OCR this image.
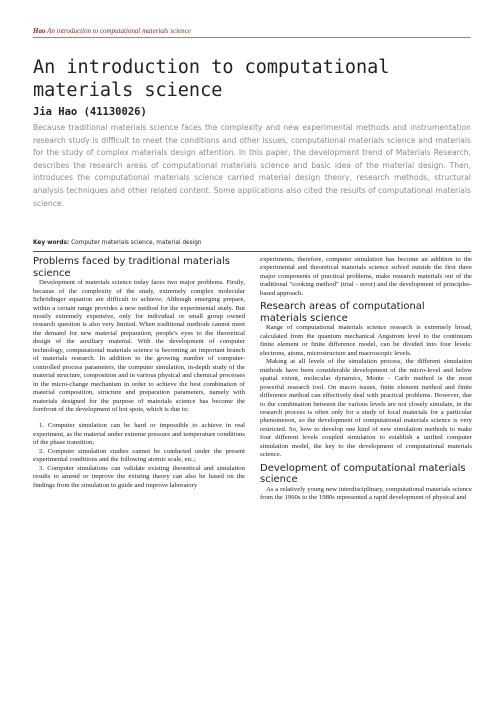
Hao An introduction to computational materials science
An introduction to computational materials science
Jia Hao (41130026)

Because traditional materials science faces the complexity and new experimental methods and instrumentation research study is difficult to meet the conditions and other issues, computational materials science and materials for the study of complex materials design attention. In this paper, the development trend of Materials Research, describes the research areas of computational materials science and basic idea of the material design. Then, introduces the computational materials science carried material design theory, research methods, structural analysis techniques and other related content. Some applications also cited the results of computational materials science.

Key words: Computer materials science, material design
Problems faced by traditional materials science

Development of materials science today faces two major problems. Firstly, because of the complexity of the study, extremely complex molecular Schrödinger equation are difficult to achieve; Although emerging prepare, within a certain range provides a new method for the experimental study. But mostly extremely expensive, only for individual or small group owned research question is also very limited. When traditional methods cannot meet the demand for new material preparation, people's eyes to the theoretical design of the auxiliary material. With the development of computer technology, computational materials science is becoming an important branch of materials research. In addition to the growing number of computer-controlled process parameters, the computer simulation, in-depth study of the material structure, composition and in various physical and chemical processes in the micro-change mechanism in order to achieve the best combination of material composition, structure and preparation parameters, namely with materials designed for the purpose of materials science has become the forefront of the development of hot spots, which is due to:

1. Computer simulation can be hard or impossible to achieve in real experiment, as the material under extreme pressure and temperature conditions of the phase transition;

2. Computer simulation studies cannot be conducted under the present experimental conditions and the following atomic scale, etc.;

3. Computer simulations can validate existing theoretical and simulation results to amend or improve the existing theory can also be based on the findings from the simulation to guide and improve laboratory

experiments, therefore, computer simulation has become an addition to the experimental and theoretical materials science solved outside the first three major components of practical problems, make research materials out of the traditional "cooking method" (trial - error) and the development of principles-based approach.

Research areas of computational materials science

Range of computational materials science research is extremely broad, calculated from the quantum mechanical Angstrom level to the continuum finite element or finite difference model, can be divided into four levels: electrons, atoms, microstructure and macroscopic levels.

Making at all levels of the simulation process, the different simulation methods have been considerable development of the micro-level and below spatial extent, molecular dynamics, Monte - Carlo method is the most powerful research tool. On macro issues, finite element method and finite difference method can effectively deal with practical problems. However, due to the combination between the various levels are not closely simulate, in the research process is often only for a study of local materials for a particular phenomenon, so the development of computational materials science is very restricted. So, how to develop one kind of new simulation methods to make four different levels coupled simulation to establish a unified computer simulation model, the key to the development of computational materials science.

Development of computational materials science

As a relatively young new interdisciplinary, computational materials science from the 1960s to the 1980s represented a rapid development of physical and
